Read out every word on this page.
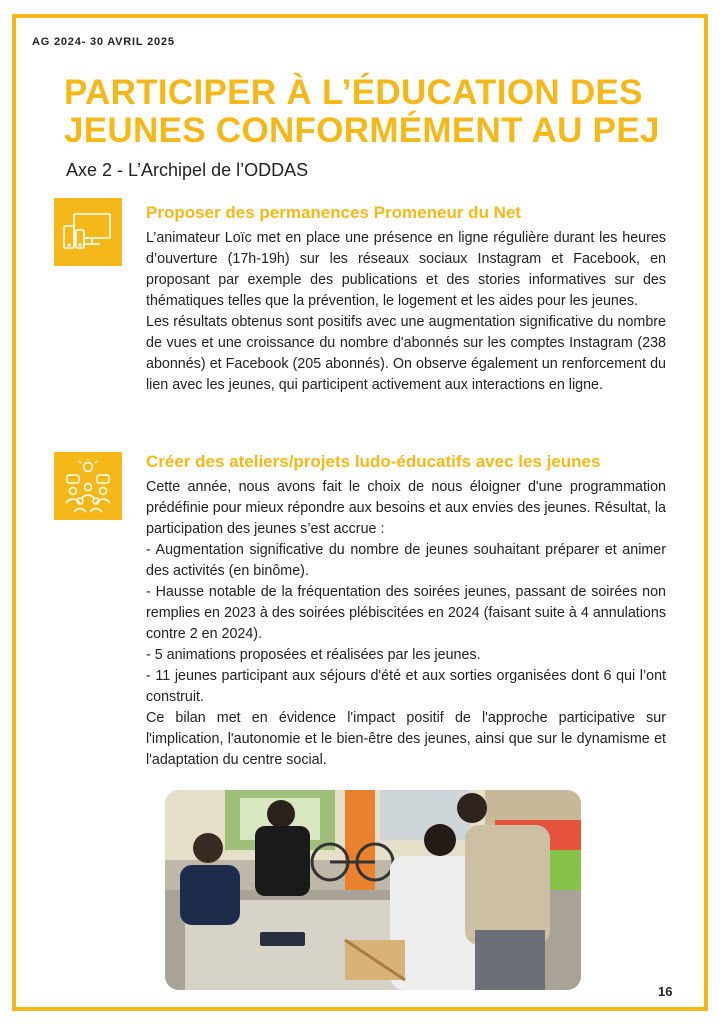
AG 2024- 30 AVRIL 2025
PARTICIPER À L’ÉDUCATION DES
JEUNES CONFORMÉMENT AU PEJ
Axe 2 - L’Archipel de l’ODDAS
Proposer des permanences Promeneur du Net

L’animateur Loïc met en place une présence en ligne régulière durant les heures d’ouverture (17h-19h) sur les réseaux sociaux Instagram et Facebook, en proposant par exemple des publications et des stories informatives sur des thématiques telles que la prévention, le logement et les aides pour les jeunes.

Les résultats obtenus sont positifs avec une augmentation significative du nombre de vues et une croissance du nombre d'abonnés sur les comptes Instagram (238 abonnés) et Facebook (205 abonnés). On observe également un renforcement du lien avec les jeunes, qui participent activement aux interactions en ligne.

Créer des ateliers/projets ludo-éducatifs avec les jeunes

Cette année, nous avons fait le choix de nous éloigner d'une programmation prédéfinie pour mieux répondre aux besoins et aux envies des jeunes. Résultat, la participation des jeunes s’est accrue :

- Augmentation significative du nombre de jeunes souhaitant préparer et animer des activités (en binôme).

- Hausse notable de la fréquentation des soirées jeunes, passant de soirées non remplies en 2023 à des soirées plébiscitées en 2024 (faisant suite à 4 annulations contre 2 en 2024).

- 5 animations proposées et réalisées par les jeunes.

- 11 jeunes participant aux séjours d'été et aux sorties organisées dont 6 qui l’ont construit.

Ce bilan met en évidence l'impact positif de l'approche participative sur l'implication, l'autonomie et le bien-être des jeunes, ainsi que sur le dynamisme et l'adaptation du centre social.

16
